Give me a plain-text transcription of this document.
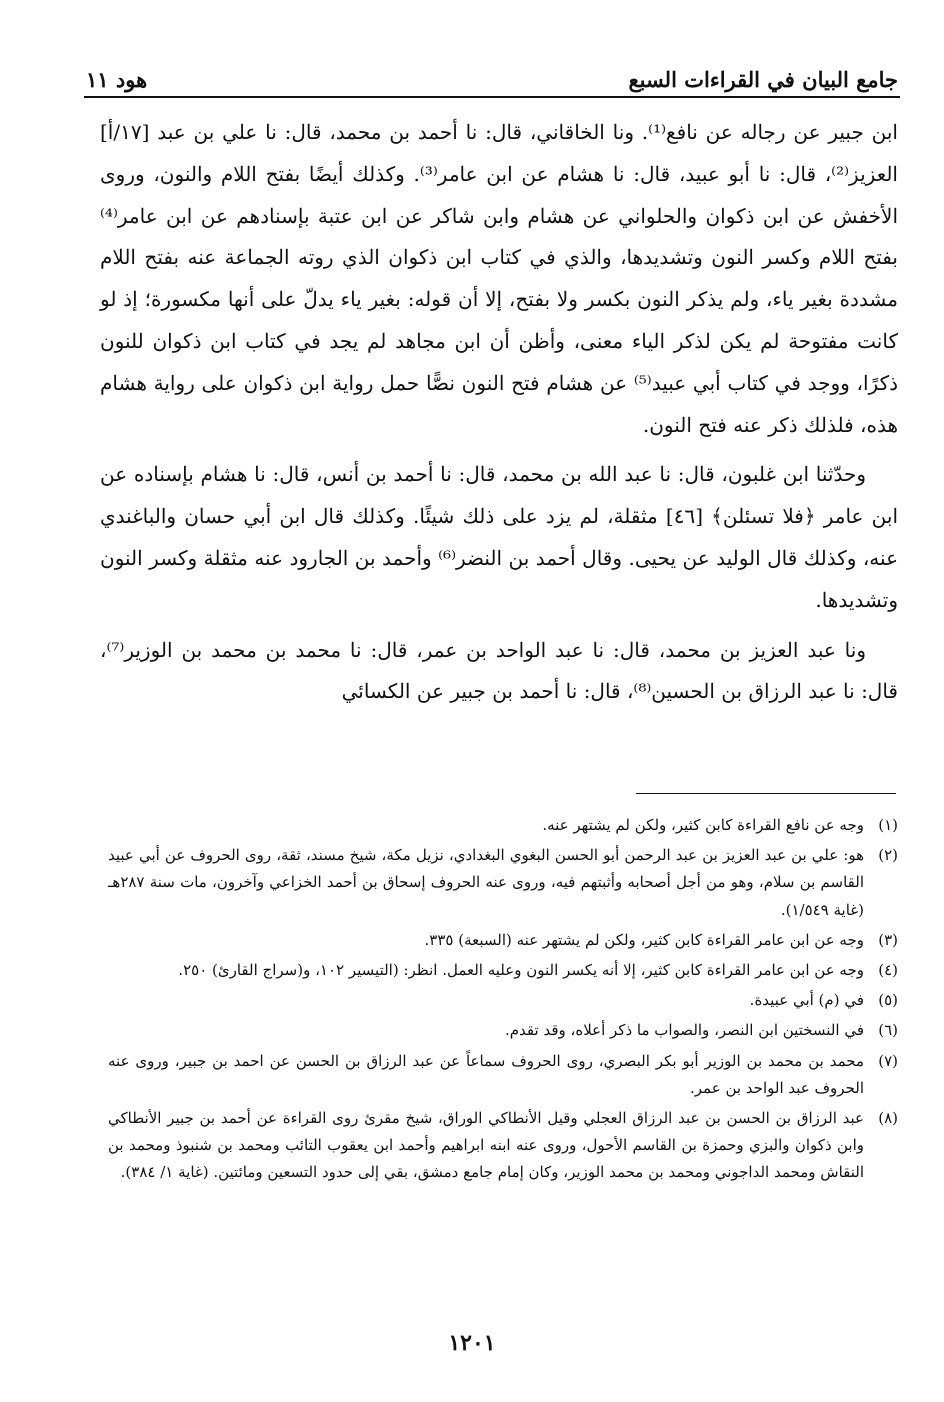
جامع البيان في القراءات السبع
هود ١١

ابن جبير عن رجاله عن نافع⁽¹⁾. ونا الخاقاني، قال: نا أحمد بن محمد، قال: نا علي بن عبد [١٧/أ] العزيز⁽²⁾، قال: نا أبو عبيد، قال: نا هشام عن ابن عامر⁽³⁾. وكذلك أيضًا بفتح اللام والنون، وروى الأخفش عن ابن ذكوان والحلواني عن هشام وابن شاكر عن ابن عتبة بإسنادهم عن ابن عامر⁽⁴⁾ بفتح اللام وكسر النون وتشديدها، والذي في كتاب ابن ذكوان الذي روته الجماعة عنه بفتح اللام مشددة بغير ياء، ولم يذكر النون بكسر ولا بفتح، إلا أن قوله: بغير ياء يدلّ على أنها مكسورة؛ إذ لو كانت مفتوحة لم يكن لذكر الياء معنى، وأظن أن ابن مجاهد لم يجد في كتاب ابن ذكوان للنون ذكرًا، ووجد في كتاب أبي عبيد⁽⁵⁾ عن هشام فتح النون نصًّا حمل رواية ابن ذكوان على رواية هشام هذه، فلذلك ذكر عنه فتح النون.

وحدّثنا ابن غلبون، قال: نا عبد الله بن محمد، قال: نا أحمد بن أنس، قال: نا هشام بإسناده عن ابن عامر ﴿فلا تسئلن﴾ [٤٦] مثقلة، لم يزد على ذلك شيئًا. وكذلك قال ابن أبي حسان والباغندي عنه، وكذلك قال الوليد عن يحيى. وقال أحمد بن النضر⁽⁶⁾ وأحمد بن الجارود عنه مثقلة وكسر النون وتشديدها.

ونا عبد العزيز بن محمد، قال: نا عبد الواحد بن عمر، قال: نا محمد بن محمد بن الوزير⁽⁷⁾، قال: نا عبد الرزاق بن الحسين⁽⁸⁾، قال: نا أحمد بن جبير عن الكسائي

(١)
وجه عن نافع القراءة كابن كثير، ولكن لم يشتهر عنه.
(٢)
هو: علي بن عبد العزيز بن عبد الرحمن أبو الحسن البغوي البغدادي، نزيل مكة، شيخ مسند، ثقة، روى الحروف عن أبي عبيد القاسم بن سلام، وهو من أجل أصحابه وأثبتهم فيه، وروى عنه الحروف إسحاق بن أحمد الخزاعي وآخرون، مات سنة ٢٨٧هـ (غاية ١/٥٤٩).
(٣)
وجه عن ابن عامر القراءة كابن كثير، ولكن لم يشتهر عنه (السبعة) ٣٣٥.
(٤)
وجه عن ابن عامر القراءة كابن كثير، إلا أنه يكسر النون وعليه العمل. انظر: (التيسير ١٠٢، و(سراج القارئ) ٢٥٠.
(٥)
في (م) أبي عبيدة.
(٦)
في النسختين ابن النصر، والصواب ما ذكر أعلاه، وقد تقدم.
(٧)
محمد بن محمد بن الوزير أبو بكر البصري، روى الحروف سماعاً عن عبد الرزاق بن الحسن عن احمد بن جبير، وروى عنه الحروف عبد الواحد بن عمر.
(٨)
عبد الرزاق بن الحسن بن عبد الرزاق العجلي وقيل الأنطاكي الوراق، شيخ مقرئ روى القراءة عن أحمد بن جبير الأنطاكي وابن ذكوان والبزي وحمزة بن القاسم الأحول، وروى عنه ابنه ابراهيم وأحمد ابن يعقوب التائب ومحمد بن شنبوذ ومحمد بن النقاش ومحمد الداجوني ومحمد بن محمد الوزير، وكان إمام جامع دمشق، بقي إلى حدود التسعين ومائتين. (غاية ١/ ٣٨٤).
١٢٠١
